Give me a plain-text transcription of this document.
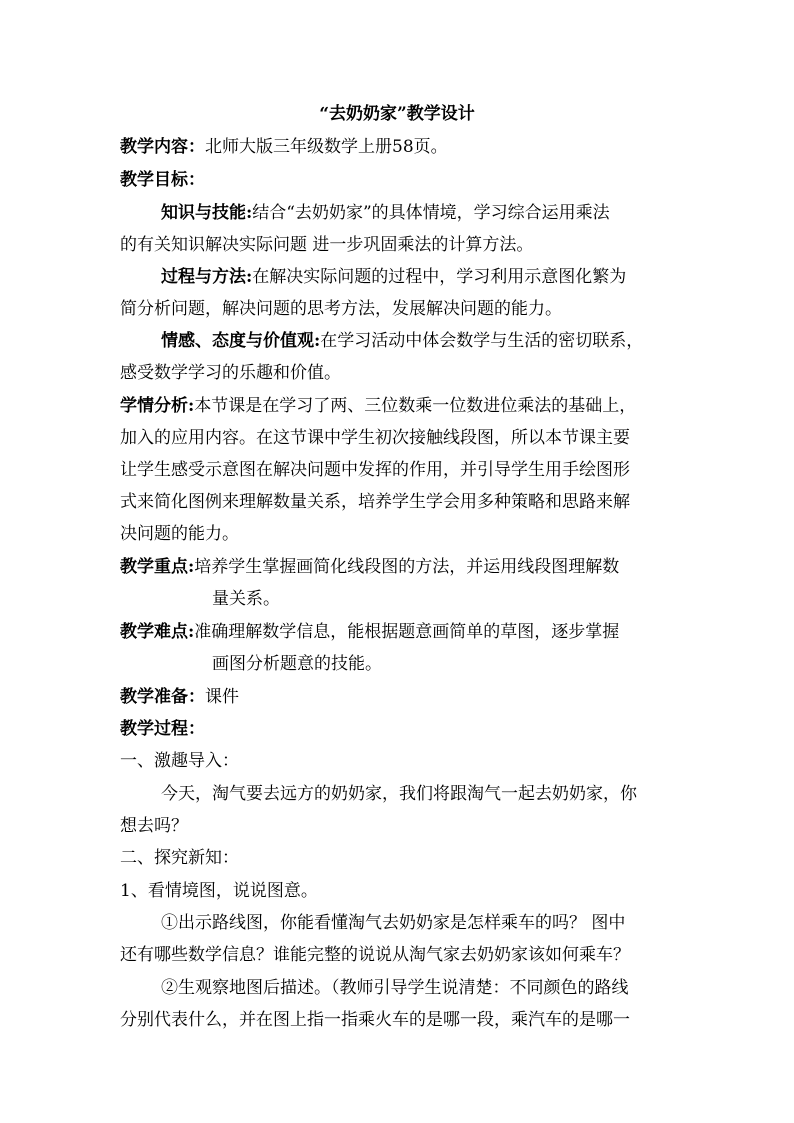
“去奶奶家”教学设计
教学内容：北师大版三年级数学上册58页。
教学目标：
知识与技能:结合“去奶奶家”的具体情境，学习综合运用乘法
的有关知识解决实际问题 进一步巩固乘法的计算方法。
过程与方法:在解决实际问题的过程中，学习利用示意图化繁为
简分析问题，解决问题的思考方法，发展解决问题的能力。
情感、态度与价值观:在学习活动中体会数学与生活的密切联系，
感受数学学习的乐趣和价值。
学情分析:本节课是在学习了两、三位数乘一位数进位乘法的基础上，
加入的应用内容。在这节课中学生初次接触线段图，所以本节课主要
让学生感受示意图在解决问题中发挥的作用，并引导学生用手绘图形
式来简化图例来理解数量关系，培养学生学会用多种策略和思路来解
决问题的能力。
教学重点:培养学生掌握画简化线段图的方法，并运用线段图理解数
量关系。
教学难点:准确理解数学信息，能根据题意画简单的草图，逐步掌握
画图分析题意的技能。
教学准备：课件
教学过程：
一、激趣导入：
今天，淘气要去远方的奶奶家，我们将跟淘气一起去奶奶家，你
想去吗？
二、探究新知：
1、看情境图，说说图意。
①出示路线图，你能看懂淘气去奶奶家是怎样乘车的吗？ 图中
还有哪些数学信息？谁能完整的说说从淘气家去奶奶家该如何乘车？
②生观察地图后描述。（教师引导学生说清楚：不同颜色的路线
分别代表什么，并在图上指一指乘火车的是哪一段，乘汽车的是哪一
